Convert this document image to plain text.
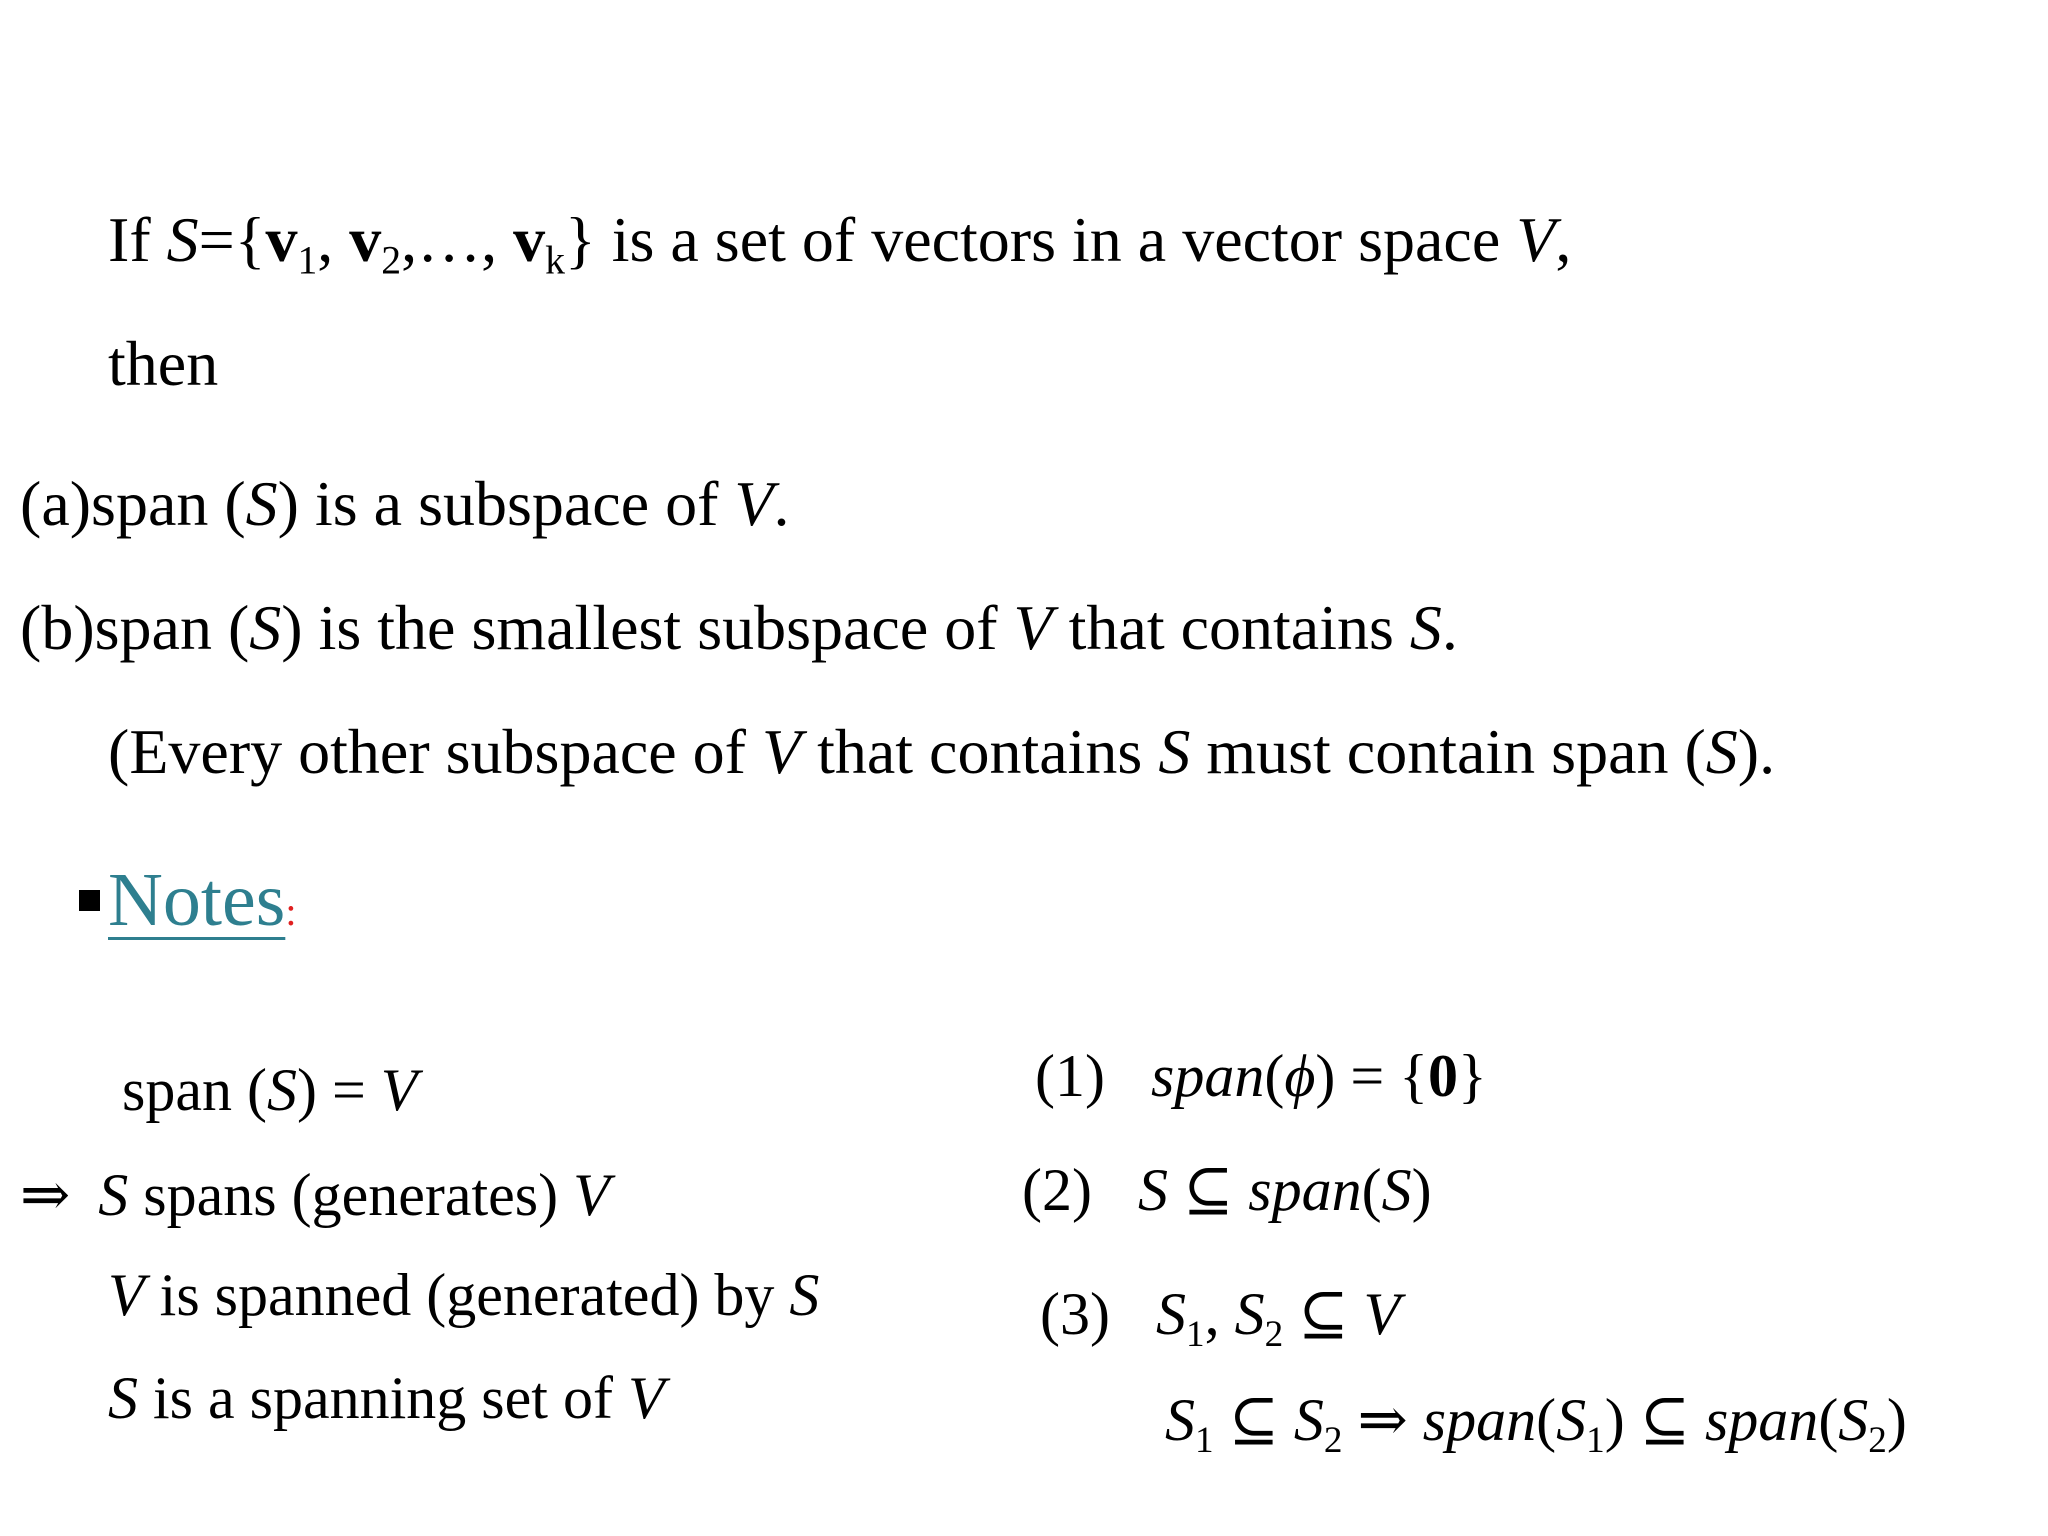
If $S=\{v_1$, $v_2,\dots$, $v_k$} is a set of vectors in a vector space V,
then
(a)span (S) is a subspace of V.
(b)span (S) is the smallest subspace of V that contains S.
(Every other subspace of V that contains S must contain span (S).
Notes:
span (S) = V
⇒ S spans (generates) V
V is spanned (generated) by S
S is a spanning set of V
(1) span(ϕ) = {0}
(2) S ⊆ span(S)
(3) $S_1$, $S_2$ ⊆ V
$S_1$ ⊆ $S_2$ ⇒ $span(S_1)$ ⊆ $span(S_2)$
